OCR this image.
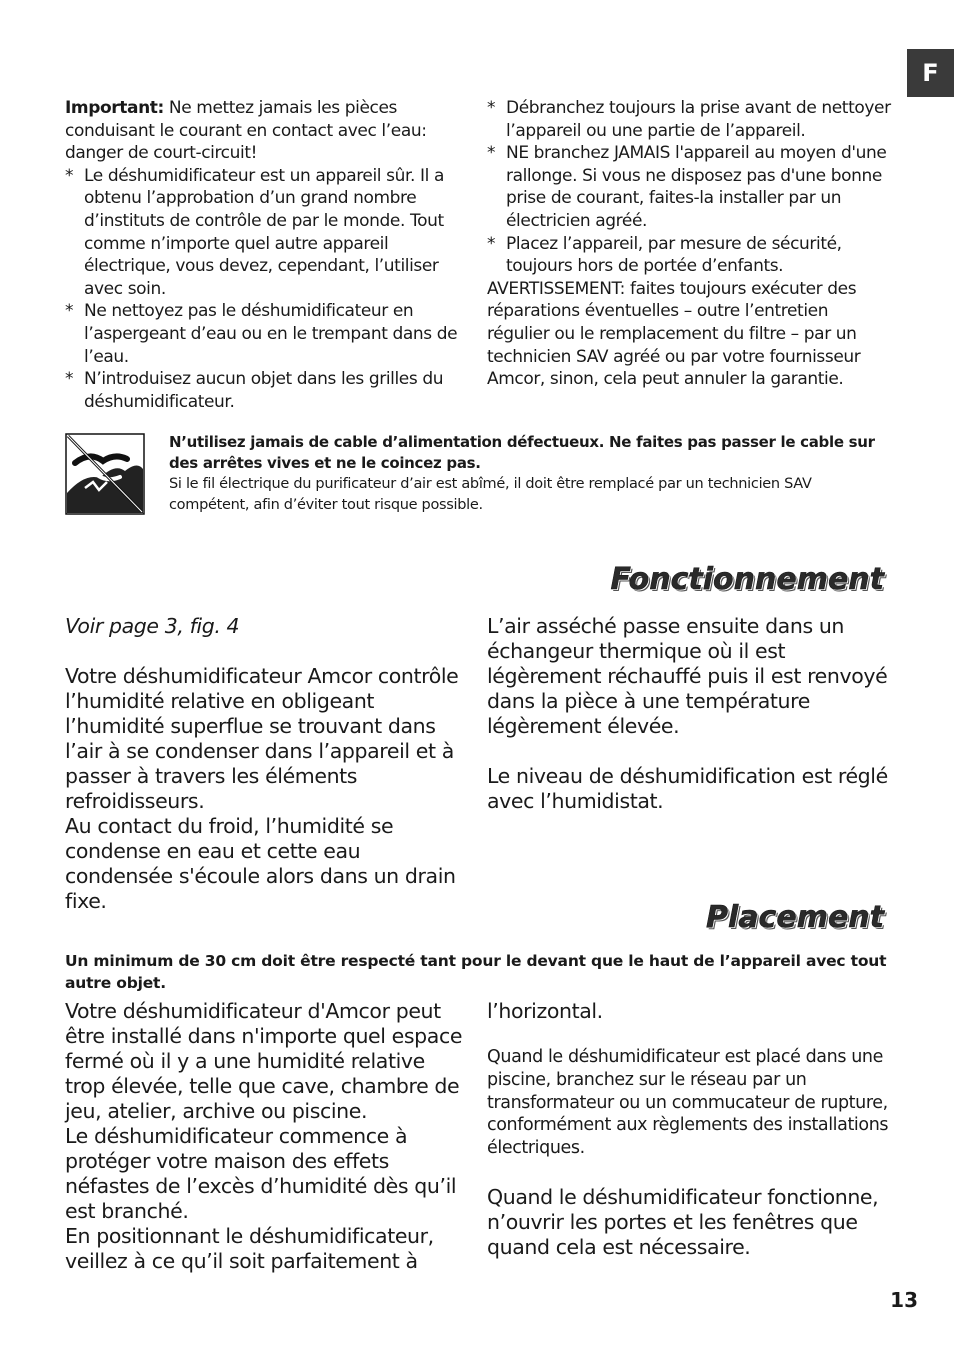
F

Important: Ne mettez jamais les pièces conduisant le courant en contact avec l’eau: danger de court-circuit!

* Le déshumidificateur est un appareil sûr. Il a obtenu l’approbation d’un grand nombre d’instituts de contrôle de par le monde. Tout comme n’importe quel autre appareil électrique, vous devez, cependant, l’utiliser avec soin.

* Ne nettoyez pas le déshumidificateur en l’aspergeant d’eau ou en le trempant dans de l’eau.

* N’introduisez aucun objet dans les grilles du déshumidificateur.

* Débranchez toujours la prise avant de nettoyer l’appareil ou une partie de l’appareil.

* NE branchez JAMAIS l'appareil au moyen d'une rallonge. Si vous ne disposez pas d'une bonne prise de courant, faites-la installer par un électricien agréé.

* Placez l’appareil, par mesure de sécurité, toujours hors de portée d’enfants.

AVERTISSEMENT: faites toujours exécuter des réparations éventuelles – outre l’entretien régulier ou le remplacement du filtre – par un technicien SAV agréé ou par votre fournisseur Amcor, sinon, cela peut annuler la garantie.

N’utilisez jamais de cable d’alimentation défectueux. Ne faites pas passer le cable sur des arrêtes vives et ne le coincez pas.
Si le fil électrique du purificateur d’air est abîmé, il doit être remplacé par un technicien SAV compétent, afin d’éviter tout risque possible.
Fonctionnement

Voir page 3, fig. 4

Votre déshumidificateur Amcor contrôle l’humidité relative en obligeant l’humidité superflue se trouvant dans l’air à se condenser dans l’appareil et à passer à travers les éléments refroidisseurs.

Au contact du froid, l’humidité se condense en eau et cette eau condensée s'écoule alors dans un drain fixe.

L’air asséché passe ensuite dans un échangeur thermique où il est légèrement réchauffé puis il est renvoyé dans la pièce à une température légèrement élevée.

Le niveau de déshumidification est réglé avec l’humidistat.

Placement
Un minimum de 30 cm doit être respecté tant pour le devant que le haut de l’appareil avec tout autre objet.

Votre déshumidificateur d'Amcor peut être installé dans n'importe quel espace fermé où il y a une humidité relative trop élevée, telle que cave, chambre de jeu, atelier, archive ou piscine.

Le déshumidificateur commence à protéger votre maison des effets néfastes de l’excès d’humidité dès qu’il est branché.

En positionnant le déshumidificateur, veillez à ce qu’il soit parfaitement à

l’horizontal.

Quand le déshumidificateur est placé dans une piscine, branchez sur le réseau par un transformateur ou un commucateur de rupture, conformément aux règlements des installations électriques.

Quand le déshumidificateur fonctionne, n’ouvrir les portes et les fenêtres que quand cela est nécessaire.

13
